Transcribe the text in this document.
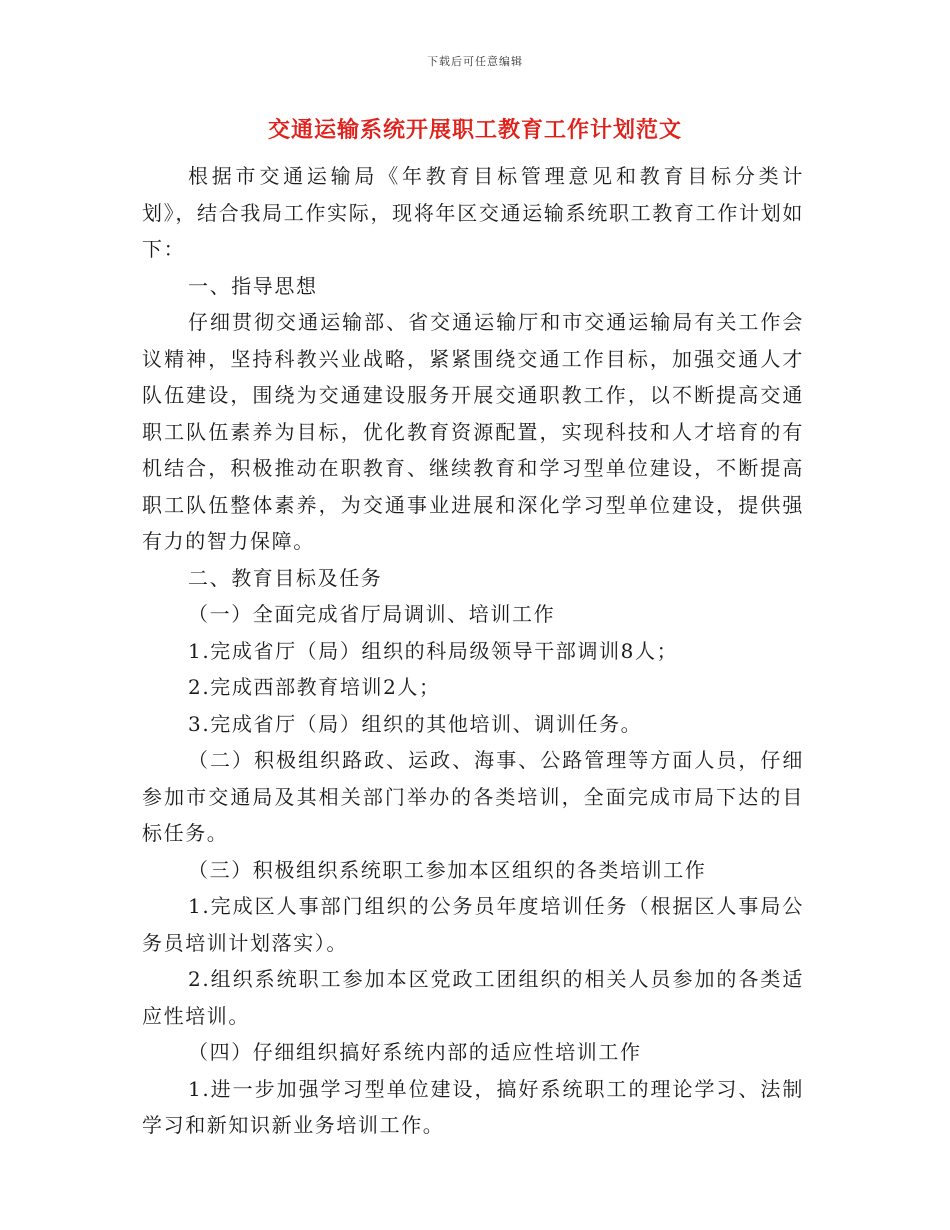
下载后可任意编辑
交通运输系统开展职工教育工作计划范文

根据市交通运输局《年教育目标管理意见和教育目标分类计划》，结合我局工作实际，现将年区交通运输系统职工教育工作计划如下：

一、指导思想

仔细贯彻交通运输部、省交通运输厅和市交通运输局有关工作会议精神，坚持科教兴业战略，紧紧围绕交通工作目标，加强交通人才队伍建设，围绕为交通建设服务开展交通职教工作，以不断提高交通职工队伍素养为目标，优化教育资源配置，实现科技和人才培育的有机结合，积极推动在职教育、继续教育和学习型单位建设，不断提高职工队伍整体素养，为交通事业进展和深化学习型单位建设，提供强有力的智力保障。

二、教育目标及任务

（一）全面完成省厅局调训、培训工作

1.完成省厅（局）组织的科局级领导干部调训8人；

2.完成西部教育培训2人；

3.完成省厅（局）组织的其他培训、调训任务。

（二）积极组织路政、运政、海事、公路管理等方面人员，仔细参加市交通局及其相关部门举办的各类培训，全面完成市局下达的目标任务。

（三）积极组织系统职工参加本区组织的各类培训工作

1.完成区人事部门组织的公务员年度培训任务（根据区人事局公务员培训计划落实）。

2.组织系统职工参加本区党政工团组织的相关人员参加的各类适应性培训。

（四）仔细组织搞好系统内部的适应性培训工作

1.进一步加强学习型单位建设，搞好系统职工的理论学习、法制学习和新知识新业务培训工作。
